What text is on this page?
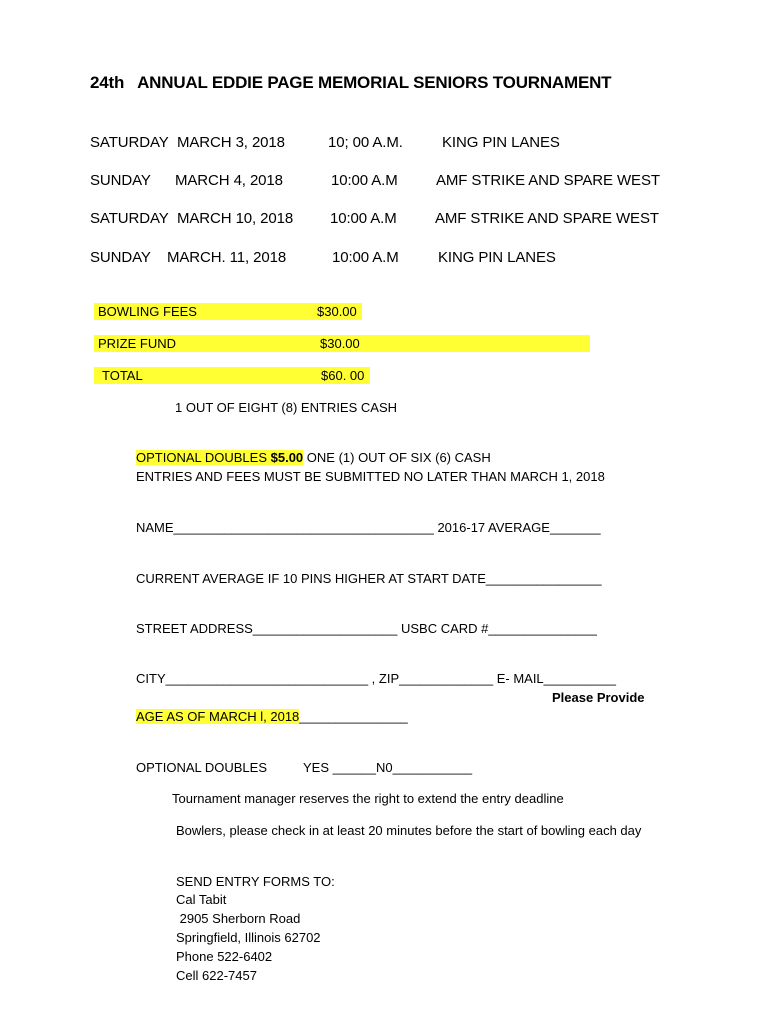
24th   ANNUAL EDDIE PAGE MEMORIAL SENIORS TOURNAMENT
SATURDAY MARCH 3, 2018	10; 00 A.M.	KING PIN LANES
SUNDAY MARCH 4, 2018	10:00 A.M	AMF STRIKE AND SPARE WEST
SATURDAY MARCH 10, 2018 10:00 A.M	AMF STRIKE AND SPARE WEST
SUNDAY MARCH. 11, 2018	10:00 A.M	KING PIN LANES
BOWLING FEES	$30.00
PRIZE FUND	$30.00
TOTAL	$60. 00
1 OUT OF EIGHT (8) ENTRIES CASH
OPTIONAL DOUBLES $5.00 ONE (1) OUT OF SIX (6) CASH
ENTRIES AND FEES MUST BE SUBMITTED NO LATER THAN MARCH 1, 2018
NAME____________________________________ 2016-17 AVERAGE_______
CURRENT AVERAGE IF 10 PINS HIGHER AT START DATE________________
STREET ADDRESS____________________ USBC CARD #_______________
CITY____________________________ , ZIP_____________ E- MAIL__________
Please Provide
AGE AS OF MARCH l, 2018_______________
OPTIONAL DOUBLES	YES ______N0___________
Tournament manager reserves the right to extend the entry deadline
Bowlers, please check in at least 20 minutes before the start of bowling each day
SEND ENTRY FORMS TO:
Cal Tabit
2905 Sherborn Road
Springfield, Illinois 62702
Phone 522-6402
Cell 622-7457
